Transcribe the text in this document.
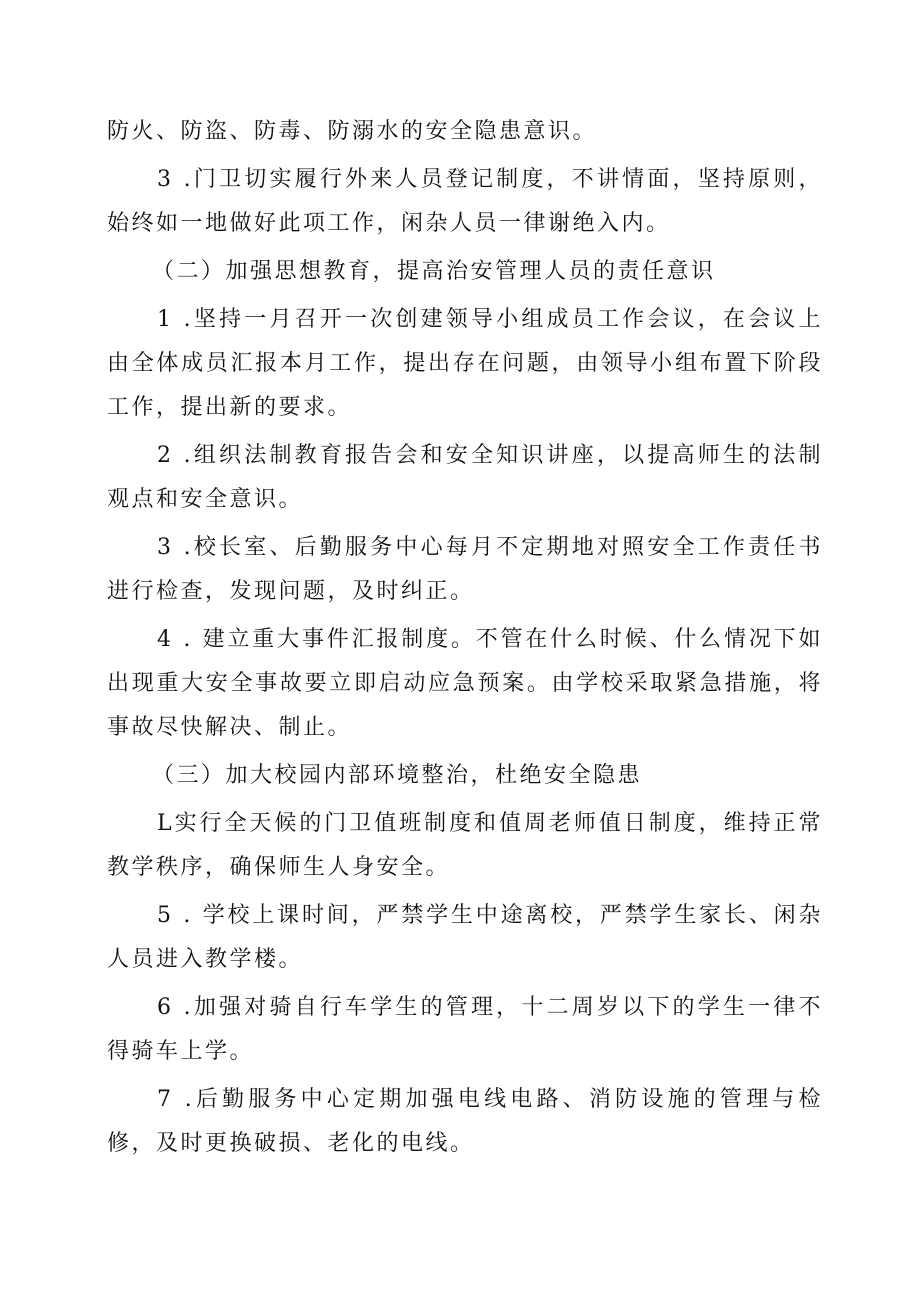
防火、防盗、防毒、防溺水的安全隐患意识。

3 .门卫切实履行外来人员登记制度，不讲情面，坚持原则，始终如一地做好此项工作，闲杂人员一律谢绝入内。

（二）加强思想教育，提高治安管理人员的责任意识

1 .坚持一月召开一次创建领导小组成员工作会议，在会议上由全体成员汇报本月工作，提出存在问题，由领导小组布置下阶段工作，提出新的要求。

2 .组织法制教育报告会和安全知识讲座，以提高师生的法制观点和安全意识。

3 .校长室、后勤服务中心每月不定期地对照安全工作责任书进行检查，发现问题，及时纠正。

4 . 建立重大事件汇报制度。不管在什么时候、什么情况下如出现重大安全事故要立即启动应急预案。由学校采取紧急措施，将事故尽快解决、制止。

（三）加大校园内部环境整治，杜绝安全隐患

L实行全天候的门卫值班制度和值周老师值日制度，维持正常教学秩序，确保师生人身安全。

5 . 学校上课时间，严禁学生中途离校，严禁学生家长、闲杂人员进入教学楼。

6 .加强对骑自行车学生的管理，十二周岁以下的学生一律不得骑车上学。

7 .后勤服务中心定期加强电线电路、消防设施的管理与检修，及时更换破损、老化的电线。
